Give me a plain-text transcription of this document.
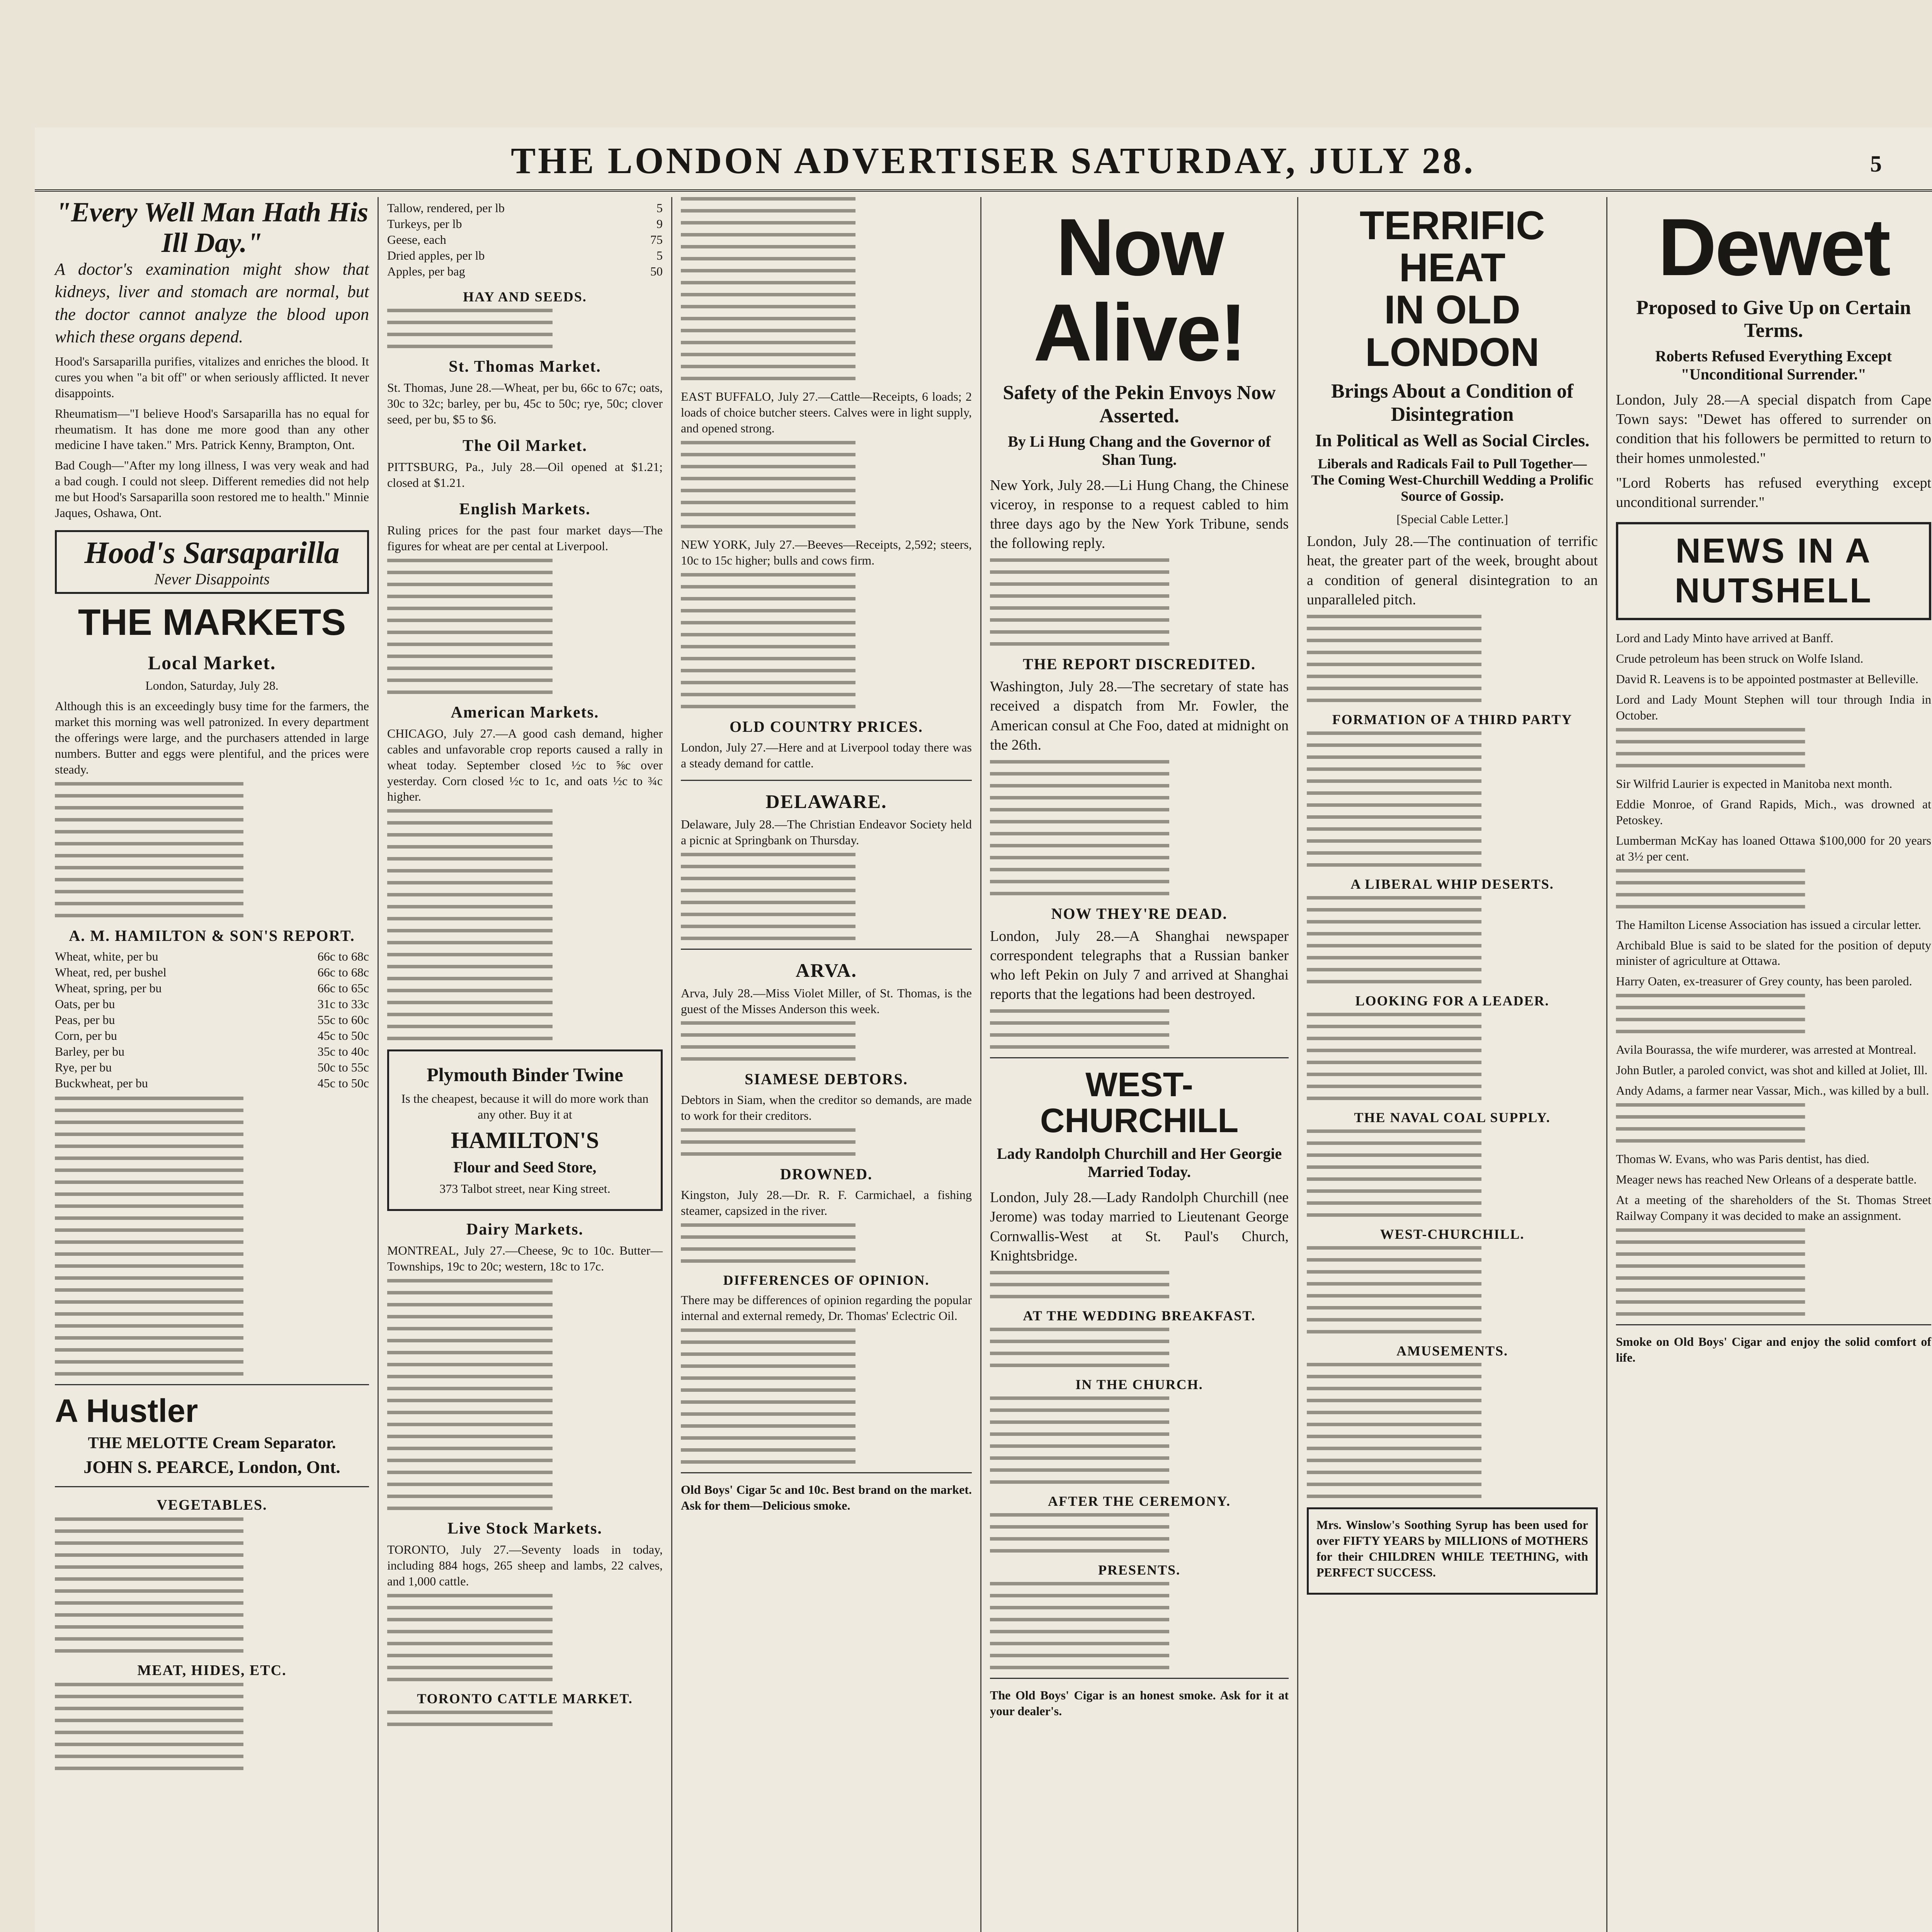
THE LONDON ADVERTISER SATURDAY, JULY 28.	5
"Every Well Man Hath His Ill Day."

A doctor's examination might show that kidneys, liver and stomach are normal, but the doctor cannot analyze the blood upon which these organs depend.

Hood's Sarsaparilla purifies, vitalizes and enriches the blood. It cures you when "a bit off" or when seriously afflicted. It never disappoints.

Rheumatism—"I believe Hood's Sarsaparilla has no equal for rheumatism. It has done me more good than any other medicine I have taken." Mrs. Patrick Kenny, Brampton, Ont.

Bad Cough—"After my long illness, I was very weak and had a bad cough. I could not sleep. Different remedies did not help me but Hood's Sarsaparilla soon restored me to health." Minnie Jaques, Oshawa, Ont.

Hood's Sarsaparilla
Never Disappoints
THE MARKETS
Local Market.

London, Saturday, July 28.

Although this is an exceedingly busy time for the farmers, the market this morning was well patronized. In every department the offerings were large, and the purchasers attended in large numbers. Butter and eggs were plentiful, and the prices were steady.

A. M. HAMILTON & SON'S REPORT.
Wheat, white, per bu	66c to 68c
Wheat, red, per bushel	66c to 68c
Wheat, spring, per bu	66c to 65c
Oats, per bu	31c to 33c
Peas, per bu	55c to 60c
Corn, per bu	45c to 50c
Barley, per bu	35c to 40c
Rye, per bu	50c to 55c
Buckwheat, per bu	45c to 50c
A Hustler
THE MELOTTE Cream Separator.
JOHN S. PEARCE, London, Ont.
VEGETABLES.
MEAT, HIDES, ETC.
Tallow, rendered, per lb	5
Turkeys, per lb	9
Geese, each	75
Dried apples, per lb	5
Apples, per bag	50
HAY AND SEEDS.
St. Thomas Market.

St. Thomas, June 28.—Wheat, per bu, 66c to 67c; oats, 30c to 32c; barley, per bu, 45c to 50c; rye, 50c; clover seed, per bu, $5 to $6.

The Oil Market.

PITTSBURG, Pa., July 28.—Oil opened at $1.21; closed at $1.21.

English Markets.

Ruling prices for the past four market days—The figures for wheat are per cental at Liverpool.

American Markets.

CHICAGO, July 27.—A good cash demand, higher cables and unfavorable crop reports caused a rally in wheat today. September closed ½c to ⅝c over yesterday. Corn closed ½c to 1c, and oats ½c to ¾c higher.

Plymouth Binder Twine

Is the cheapest, because it will do more work than any other. Buy it at

HAMILTON'S
Flour and Seed Store,

373 Talbot street, near King street.

Dairy Markets.

MONTREAL, July 27.—Cheese, 9c to 10c. Butter—Townships, 19c to 20c; western, 18c to 17c.

Live Stock Markets.

TORONTO, July 27.—Seventy loads in today, including 884 hogs, 265 sheep and lambs, 22 calves, and 1,000 cattle.

TORONTO CATTLE MARKET.

EAST BUFFALO, July 27.—Cattle—Receipts, 6 loads; 2 loads of choice butcher steers. Calves were in light supply, and opened strong.

NEW YORK, July 27.—Beeves—Receipts, 2,592; steers, 10c to 15c higher; bulls and cows firm.

OLD COUNTRY PRICES.

London, July 27.—Here and at Liverpool today there was a steady demand for cattle.

DELAWARE.

Delaware, July 28.—The Christian Endeavor Society held a picnic at Springbank on Thursday.

ARVA.

Arva, July 28.—Miss Violet Miller, of St. Thomas, is the guest of the Misses Anderson this week.

SIAMESE DEBTORS.

Debtors in Siam, when the creditor so demands, are made to work for their creditors.

DROWNED.

Kingston, July 28.—Dr. R. F. Carmichael, a fishing steamer, capsized in the river.

DIFFERENCES OF OPINION.

There may be differences of opinion regarding the popular internal and external remedy, Dr. Thomas' Eclectric Oil.

Old Boys' Cigar 5c and 10c. Best brand on the market. Ask for them—Delicious smoke.

Now Alive!
Safety of the Pekin Envoys Now Asserted.
By Li Hung Chang and the Governor of Shan Tung.

New York, July 28.—Li Hung Chang, the Chinese viceroy, in response to a request cabled to him three days ago by the New York Tribune, sends the following reply.

THE REPORT DISCREDITED.

Washington, July 28.—The secretary of state has received a dispatch from Mr. Fowler, the American consul at Che Foo, dated at midnight on the 26th.

NOW THEY'RE DEAD.

London, July 28.—A Shanghai newspaper correspondent telegraphs that a Russian banker who left Pekin on July 7 and arrived at Shanghai reports that the legations had been destroyed.

WEST-CHURCHILL
Lady Randolph Churchill and Her Georgie Married Today.

London, July 28.—Lady Randolph Churchill (nee Jerome) was today married to Lieutenant George Cornwallis-West at St. Paul's Church, Knightsbridge.

AT THE WEDDING BREAKFAST.
IN THE CHURCH.
AFTER THE CEREMONY.
PRESENTS.

The Old Boys' Cigar is an honest smoke. Ask for it at your dealer's.

TERRIFIC HEAT
IN OLD LONDON
Brings About a Condition of Disintegration
In Political as Well as Social Circles.
Liberals and Radicals Fail to Pull Together—The Coming West-Churchill Wedding a Prolific Source of Gossip.

[Special Cable Letter.]

London, July 28.—The continuation of terrific heat, the greater part of the week, brought about a condition of general disintegration to an unparalleled pitch.

FORMATION OF A THIRD PARTY
A LIBERAL WHIP DESERTS.
LOOKING FOR A LEADER.
THE NAVAL COAL SUPPLY.
WEST-CHURCHILL.
AMUSEMENTS.

Mrs. Winslow's Soothing Syrup has been used for over FIFTY YEARS by MILLIONS of MOTHERS for their CHILDREN WHILE TEETHING, with PERFECT SUCCESS.

Dewet
Proposed to Give Up on Certain Terms.
Roberts Refused Everything Except "Unconditional Surrender."

London, July 28.—A special dispatch from Cape Town says: "Dewet has offered to surrender on condition that his followers be permitted to return to their homes unmolested."

"Lord Roberts has refused everything except unconditional surrender."

NEWS IN A NUTSHELL

Lord and Lady Minto have arrived at Banff.

Crude petroleum has been struck on Wolfe Island.

David R. Leavens is to be appointed postmaster at Belleville.

Lord and Lady Mount Stephen will tour through India in October.

Sir Wilfrid Laurier is expected in Manitoba next month.

Eddie Monroe, of Grand Rapids, Mich., was drowned at Petoskey.

Lumberman McKay has loaned Ottawa $100,000 for 20 years at 3½ per cent.

The Hamilton License Association has issued a circular letter.

Archibald Blue is said to be slated for the position of deputy minister of agriculture at Ottawa.

Harry Oaten, ex-treasurer of Grey county, has been paroled.

Avila Bourassa, the wife murderer, was arrested at Montreal.

John Butler, a paroled convict, was shot and killed at Joliet, Ill.

Andy Adams, a farmer near Vassar, Mich., was killed by a bull.

Thomas W. Evans, who was Paris dentist, has died.

Meager news has reached New Orleans of a desperate battle.

At a meeting of the shareholders of the St. Thomas Street Railway Company it was decided to make an assignment.

Smoke on Old Boys' Cigar and enjoy the solid comfort of life.
